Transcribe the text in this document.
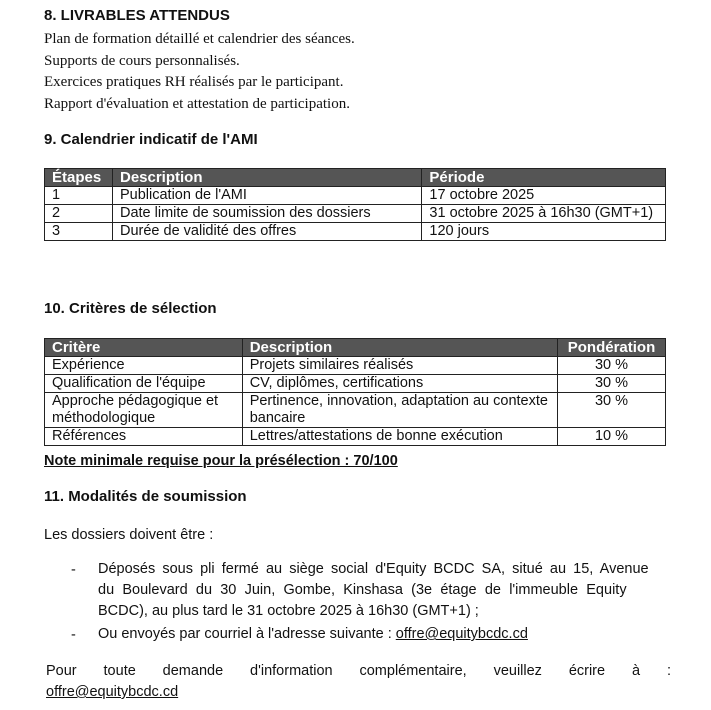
8. LIVRABLES ATTENDUS
Plan de formation détaillé et calendrier des séances.
Supports de cours personnalisés.
Exercices pratiques RH réalisés par le participant.
Rapport d'évaluation et attestation de participation.
9. Calendrier indicatif de l'AMI
Étapes	Description	Période
1	Publication de l'AMI	17 octobre 2025
2	Date limite de soumission des dossiers	31 octobre 2025 à 16h30 (GMT+1)
3	Durée de validité des offres	120 jours
10. Critères de sélection
Critère	Description	Pondération
Expérience	Projets similaires réalisés	30 %
Qualification de l'équipe	CV, diplômes, certifications	30 %
Approche pédagogique et méthodologique	Pertinence, innovation, adaptation au contexte bancaire	30 %
Références	Lettres/attestations de bonne exécution	10 %
Note minimale requise pour la présélection : 70/100
11. Modalités de soumission
Les dossiers doivent être :
- Déposés sous pli fermé au siège social d'Equity BCDC SA, situé au 15, Avenue
du Boulevard du 30 Juin, Gombe, Kinshasa (3e étage de l'immeuble Equity
BCDC), au plus tard le 31 octobre 2025 à 16h30 (GMT+1) ;
- Ou envoyés par courriel à l'adresse suivante : offre@equitybcdc.cd
Pour toute demande d'information complémentaire, veuillez écrire à :
offre@equitybcdc.cd
